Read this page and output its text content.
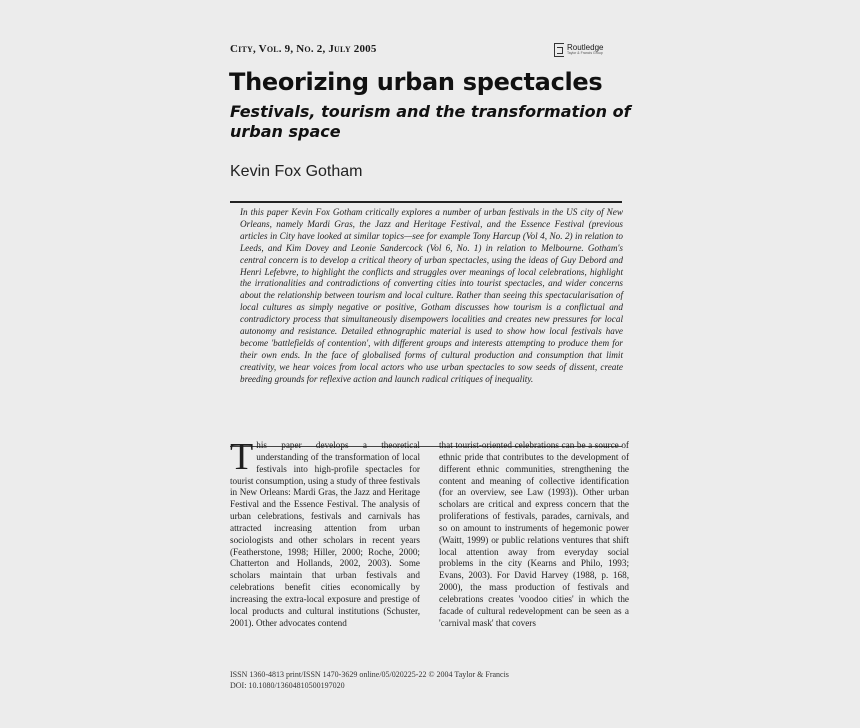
City, Vol. 9, No. 2, July 2005	Routledge
Taylor & Francis Group
Theorizing urban spectacles
Festivals, tourism and the transformation of urban space
Kevin Fox Gotham

In this paper Kevin Fox Gotham critically explores a number of urban festivals in the US city of New Orleans, namely Mardi Gras, the Jazz and Heritage Festival, and the Essence Festival (previous articles in City have looked at similar topics—see for example Tony Harcup (Vol 4, No. 2) in relation to Leeds, and Kim Dovey and Leonie Sandercock (Vol 6, No. 1) in relation to Melbourne. Gotham's central concern is to develop a critical theory of urban spectacles, using the ideas of Guy Debord and Henri Lefebvre, to highlight the conflicts and struggles over meanings of local celebrations, highlight the irrationalities and contradictions of converting cities into tourist spectacles, and wider concerns about the relationship between tourism and local culture. Rather than seeing this spectacularisation of local cultures as simply negative or positive, Gotham discusses how tourism is a conflictual and contradictory process that simultaneously disempowers localities and creates new pressures for local autonomy and resistance. Detailed ethnographic material is used to show how local festivals have become 'battlefields of contention', with different groups and interests attempting to produce them for their own ends. In the face of globalised forms of cultural production and consumption that limit creativity, we hear voices from local actors who use urban spectacles to sow seeds of dissent, create breeding grounds for reflexive action and launch radical critiques of inequality.

This paper develops a theoretical understanding of the transformation of local festivals into high-profile spectacles for tourist consumption, using a study of three festivals in New Orleans: Mardi Gras, the Jazz and Heritage Festival and the Essence Festival. The analysis of urban celebrations, festivals and carnivals has attracted increasing attention from urban sociologists and other scholars in recent years (Featherstone, 1998; Hiller, 2000; Roche, 2000; Chatterton and Hollands, 2002, 2003). Some scholars maintain that urban festivals and celebrations benefit cities economically by increasing the extra-local exposure and prestige of local products and cultural institutions (Schuster, 2001). Other advocates contend

that tourist-oriented celebrations can be a source of ethnic pride that contributes to the development of different ethnic communities, strengthening the content and meaning of collective identification (for an overview, see Law (1993)). Other urban scholars are critical and express concern that the proliferations of festivals, parades, carnivals, and so on amount to instruments of hegemonic power (Waitt, 1999) or public relations ventures that shift local attention away from everyday social problems in the city (Kearns and Philo, 1993; Evans, 2003). For David Harvey (1988, p. 168, 2000), the mass production of festivals and celebrations creates 'voodoo cities' in which the facade of cultural redevelopment can be seen as a 'carnival mask' that covers

ISSN 1360-4813 print/ISSN 1470-3629 online/05/020225-22 © 2004 Taylor & Francis
DOI: 10.1080/13604810500197020
